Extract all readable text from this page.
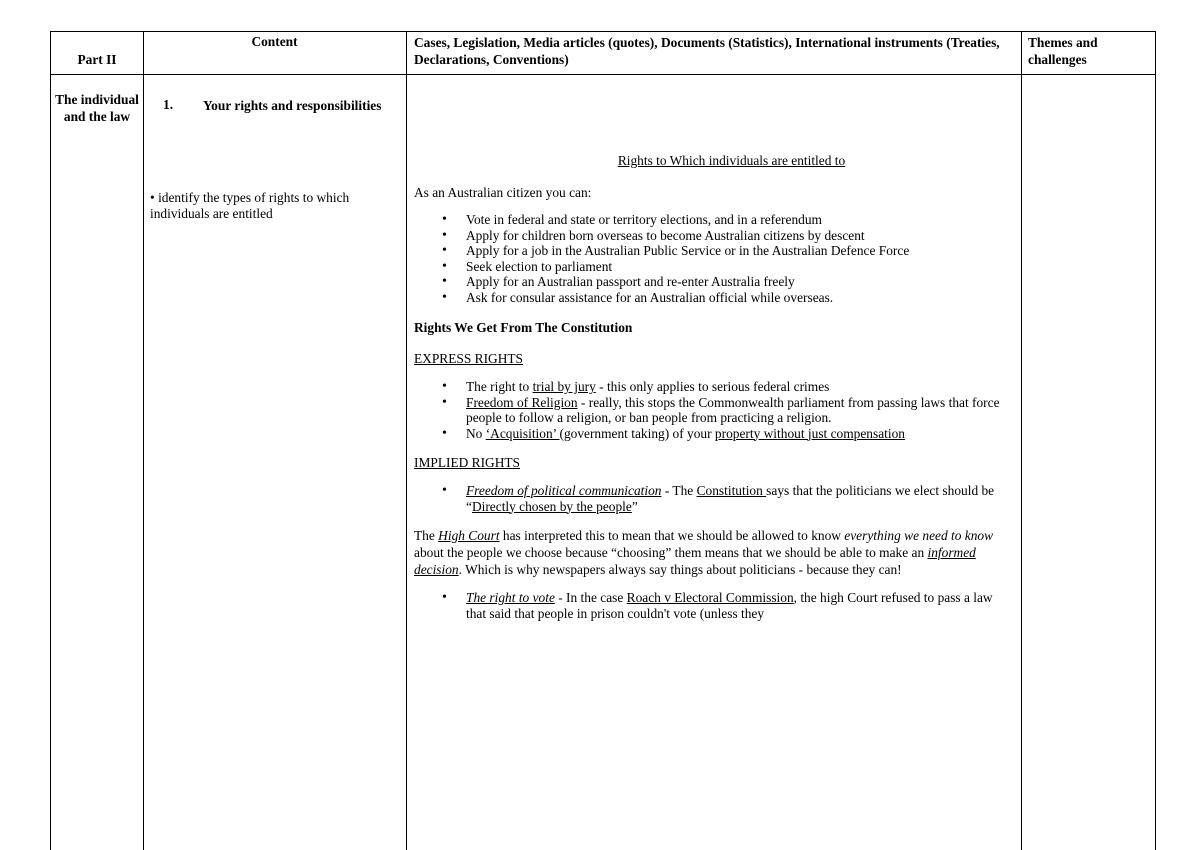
Part II
Content	Cases, Legislation, Media articles (quotes), Documents (Statistics), International instruments (Treaties, Declarations, Conventions)
Themes and challenges
The individual and the law
1. Your rights and responsibilities
• identify the types of rights to which individuals are entitled

Rights to Which individuals are entitled to

As an Australian citizen you can:

• Vote in federal and state or territory elections, and in a referendum
• Apply for children born overseas to become Australian citizens by descent
• Apply for a job in the Australian Public Service or in the Australian Defence Force
• Seek election to parliament
• Apply for an Australian passport and re-enter Australia freely
• Ask for consular assistance for an Australian official while overseas.

Rights We Get From The Constitution

EXPRESS RIGHTS

• The right to trial by jury - this only applies to serious federal crimes
• Freedom of Religion - really, this stops the Commonwealth parliament from passing laws that force people to follow a religion, or ban people from practicing a religion.
• No ‘Acquisition’ (government taking) of your property without just compensation

IMPLIED RIGHTS

• Freedom of political communication - The Constitution says that the politicians we elect should be “Directly chosen by the people”

The High Court has interpreted this to mean that we should be allowed to know everything we need to know about the people we choose because “choosing” them means that we should be able to make an informed decision. Which is why newspapers always say things about politicians - because they can!

• The right to vote - In the case Roach v Electoral Commission, the high Court refused to pass a law that said that people in prison couldn't vote (unless they
